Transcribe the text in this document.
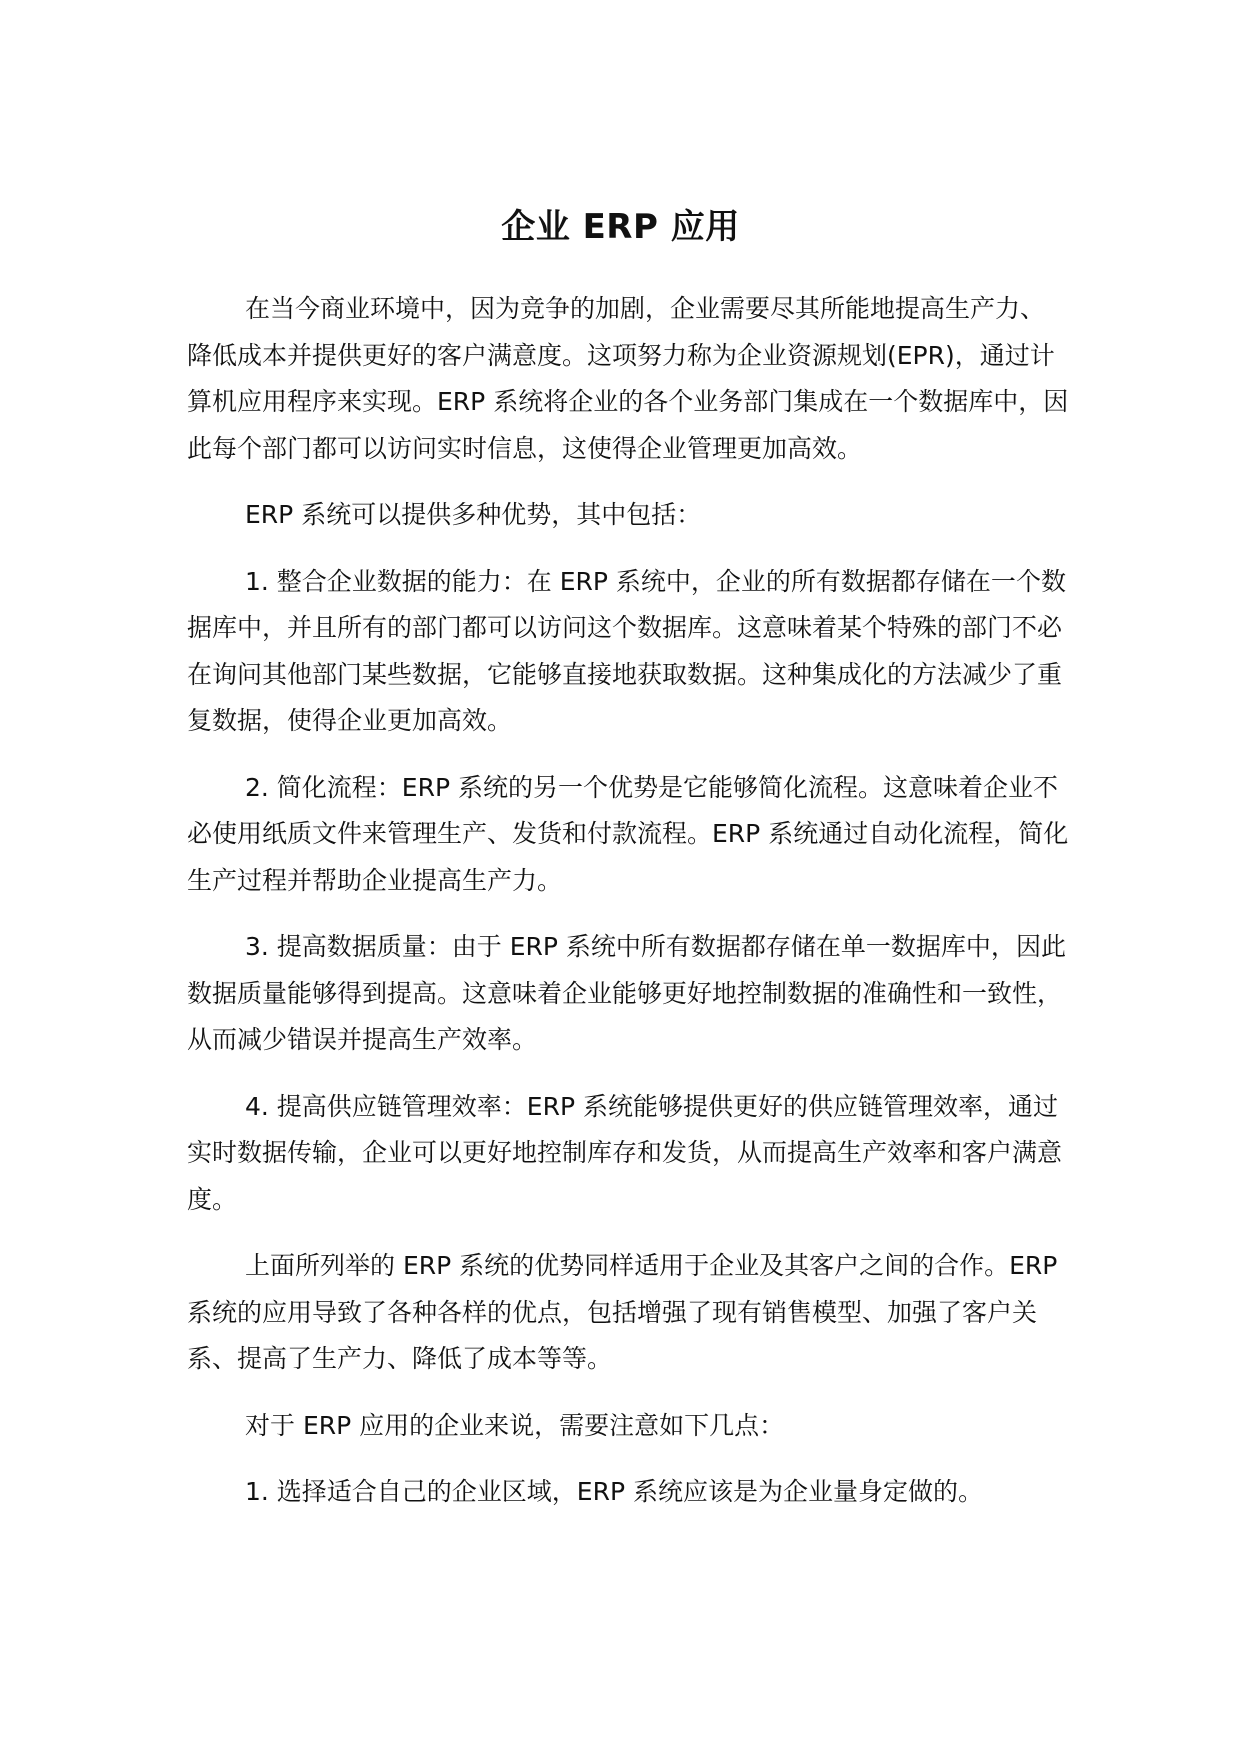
企业 ERP 应用

在当今商业环境中，因为竞争的加剧，企业需要尽其所能地提高生产力、降低成本并提供更好的客户满意度。这项努力称为企业资源规划(EPR)，通过计算机应用程序来实现。ERP 系统将企业的各个业务部门集成在一个数据库中，因此每个部门都可以访问实时信息，这使得企业管理更加高效。

ERP 系统可以提供多种优势，其中包括：

1. 整合企业数据的能力：在 ERP 系统中，企业的所有数据都存储在一个数据库中，并且所有的部门都可以访问这个数据库。这意味着某个特殊的部门不必在询问其他部门某些数据，它能够直接地获取数据。这种集成化的方法减少了重复数据，使得企业更加高效。

2. 简化流程：ERP 系统的另一个优势是它能够简化流程。这意味着企业不必使用纸质文件来管理生产、发货和付款流程。ERP 系统通过自动化流程，简化生产过程并帮助企业提高生产力。

3. 提高数据质量：由于 ERP 系统中所有数据都存储在单一数据库中，因此数据质量能够得到提高。这意味着企业能够更好地控制数据的准确性和一致性，从而减少错误并提高生产效率。

4. 提高供应链管理效率：ERP 系统能够提供更好的供应链管理效率，通过实时数据传输，企业可以更好地控制库存和发货，从而提高生产效率和客户满意度。

上面所列举的 ERP 系统的优势同样适用于企业及其客户之间的合作。ERP 系统的应用导致了各种各样的优点，包括增强了现有销售模型、加强了客户关系、提高了生产力、降低了成本等等。

对于 ERP 应用的企业来说，需要注意如下几点：

1. 选择适合自己的企业区域，ERP 系统应该是为企业量身定做的。
